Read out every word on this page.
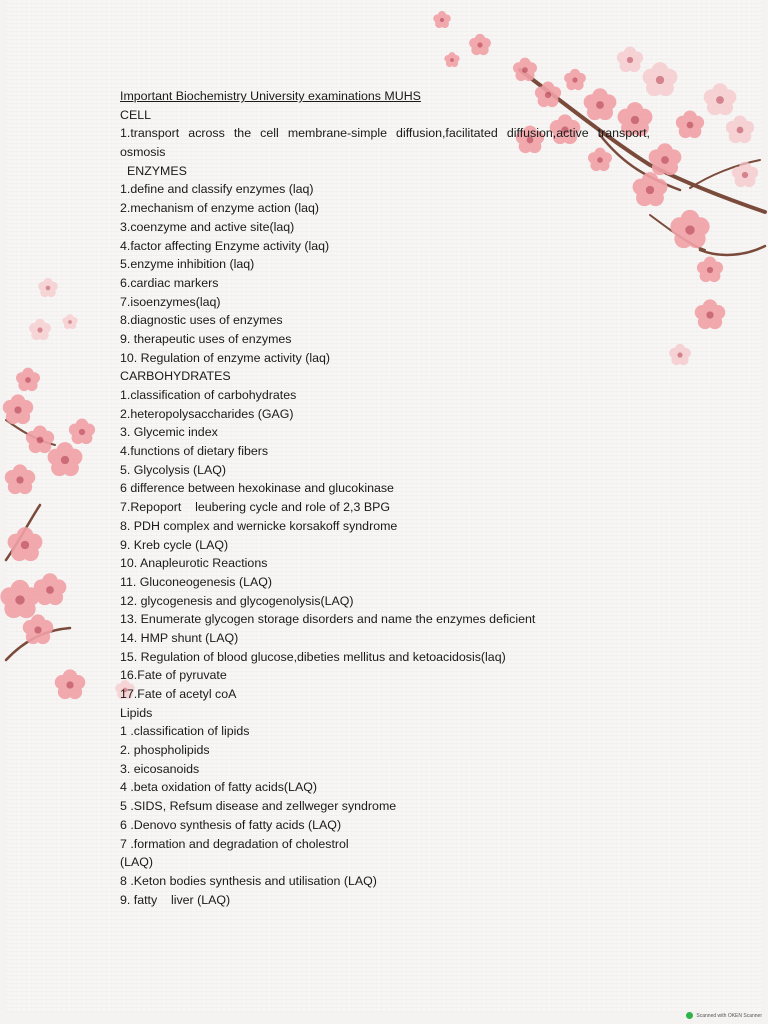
Important Biochemistry University examinations MUHS
CELL
1.transport across the cell membrane-simple diffusion,facilitated diffusion,active transport, osmosis
ENZYMES
1.define and classify enzymes (laq)
2.mechanism of enzyme action (laq)
3.coenzyme and active site(laq)
4.factor affecting Enzyme activity (laq)
5.enzyme inhibition (laq)
6.cardiac markers
7.isoenzymes(laq)
8.diagnostic uses of enzymes
9. therapeutic uses of enzymes
10. Regulation of enzyme activity (laq)
CARBOHYDRATES
1.classification of carbohydrates
2.heteropolysaccharides (GAG)
3. Glycemic index
4.functions of dietary fibers
5. Glycolysis (LAQ)
6 difference between hexokinase and glucokinase
7.Repoport    leubering cycle and role of 2,3 BPG
8. PDH complex and wernicke korsakoff syndrome
9. Kreb cycle (LAQ)
10. Anapleurotic Reactions
11. Gluconeogenesis (LAQ)
12. glycogenesis and glycogenolysis(LAQ)
13. Enumerate glycogen storage disorders and name the enzymes deficient
14. HMP shunt (LAQ)
15. Regulation of blood glucose,dibeties mellitus and ketoacidosis(laq)
16.Fate of pyruvate
17.Fate of acetyl coA
Lipids
1 .classification of lipids
2. phospholipids
3. eicosanoids
4 .beta oxidation of fatty acids(LAQ)
5 .SIDS, Refsum disease and zellweger syndrome
6 .Denovo synthesis of fatty acids (LAQ)
7 .formation and degradation of cholestrol
(LAQ)
8 .Keton bodies synthesis and utilisation (LAQ)
9. fatty    liver (LAQ)
Scanned with OKEN Scanner
